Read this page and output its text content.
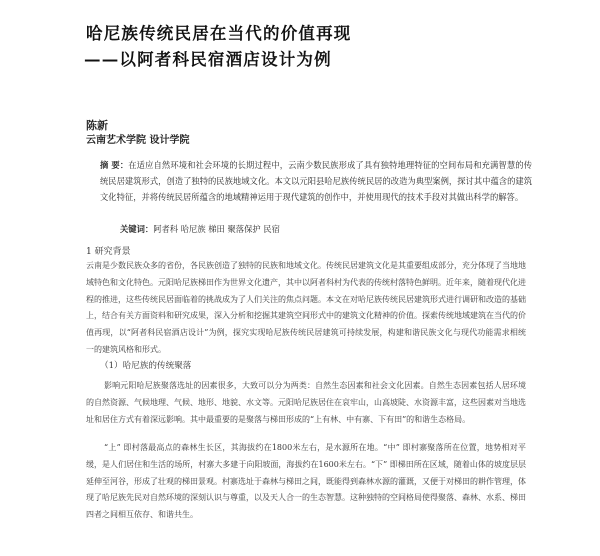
哈尼族传统民居在当代的价值再现
——以阿者科民宿酒店设计为例
陈新
云南艺术学院 设计学院
摘 要：在适应自然环境和社会环境的长期过程中，云南少数民族形成了具有独特地理特征的空间布局和充满智慧的传统民居建筑形式，创造了独特的民族地域文化。本文以元阳县哈尼族传统民居的改造为典型案例，探讨其中蕴含的建筑文化特征，并将传统民居所蕴含的地域精神运用于现代建筑的创作中，并使用现代的技术手段对其做出科学的解答。
关键词：阿者科 哈尼族 梯田 聚落保护 民宿
1 研究背景
云南是少数民族众多的省份，各民族创造了独特的民族和地域文化。传统民居建筑文化是其重要组成部分，充分体现了当地地域特色和文化特色。元阳哈尼族梯田作为世界文化遗产，其中以阿者科村为代表的传统村落特色鲜明。近年来，随着现代化进程的推进，这些传统民居面临着的挑战成为了人们关注的焦点问题。本文在对哈尼族传统民居建筑形式进行调研和改造的基础上，结合有关方面资料和研究成果，深入分析和挖掘其建筑空间形式中的建筑文化精神的价值。探索传统地域建筑在当代的价值再现，以“阿者科民宿酒店设计”为例，探究实现哈尼族传统民居建筑可持续发展，构建和谐民族文化与现代功能需求相统一的建筑风格和形式。
（1）哈尼族的传统聚落
影响元阳哈尼族聚落选址的因素很多，大致可以分为两类：自然生态因素和社会文化因素。自然生态因素包括人居环境的自然资源、气候地理、气候、地形、地貌、水文等。元阳哈尼族居住在哀牢山，山高坡陡、水资源丰富，这些因素对当地选址和居住方式有着深远影响。其中最重要的是聚落与梯田形成的“上有林、中有寨、下有田”的和谐生态格局。
“上” 即村落最高点的森林生长区，其海拔约在1800米左右，是水源所在地。“中” 即村寨聚落所在位置，地势相对平缓，是人们居住和生活的场所，村寨大多建于向阳坡面，海拔约在1600米左右。“下” 即梯田所在区域，随着山体的坡度层层延伸至河谷，形成了壮观的梯田景观。村寨选址于森林与梯田之间，既能得到森林水源的灌溉，又便于对梯田的耕作管理，体现了哈尼族先民对自然环境的深刻认识与尊重，以及天人合一的生态智慧。这种独特的空间格局使得聚落、森林、水系、梯田四者之间相互依存、和谐共生。
